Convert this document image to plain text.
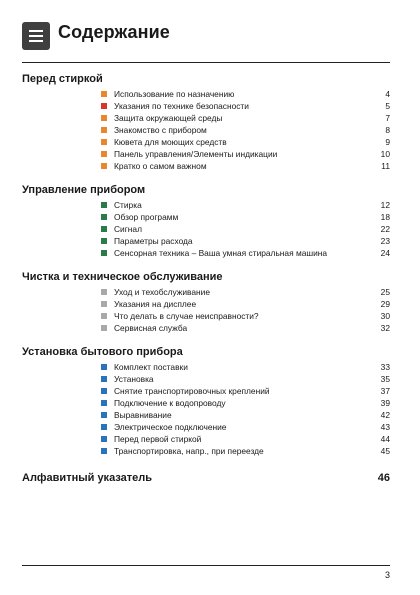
Содержание
Перед стиркой
Использование по назначению	4
Указания по технике безопасности	5
Защита окружающей среды	7
Знакомство с прибором	8
Кювета для моющих средств	9
Панель управления/Элементы индикации	10
Кратко о самом важном	11
Управление прибором
Стирка	12
Обзор программ	18
Сигнал	22
Параметры расхода	23
Сенсорная техника – Ваша умная стиральная машина	24
Чистка и техническое обслуживание
Уход и техобслуживание	25
Указания на дисплее	29
Что делать в случае неисправности?	30
Сервисная служба	32
Установка бытового прибора
Комплект поставки	33
Установка	35
Снятие транспортировочных креплений	37
Подключение к водопроводу	39
Выравнивание	42
Электрическое подключение	43
Перед первой стиркой	44
Транспортировка, напр., при переезде	45
Алфавитный указатель	46
3
